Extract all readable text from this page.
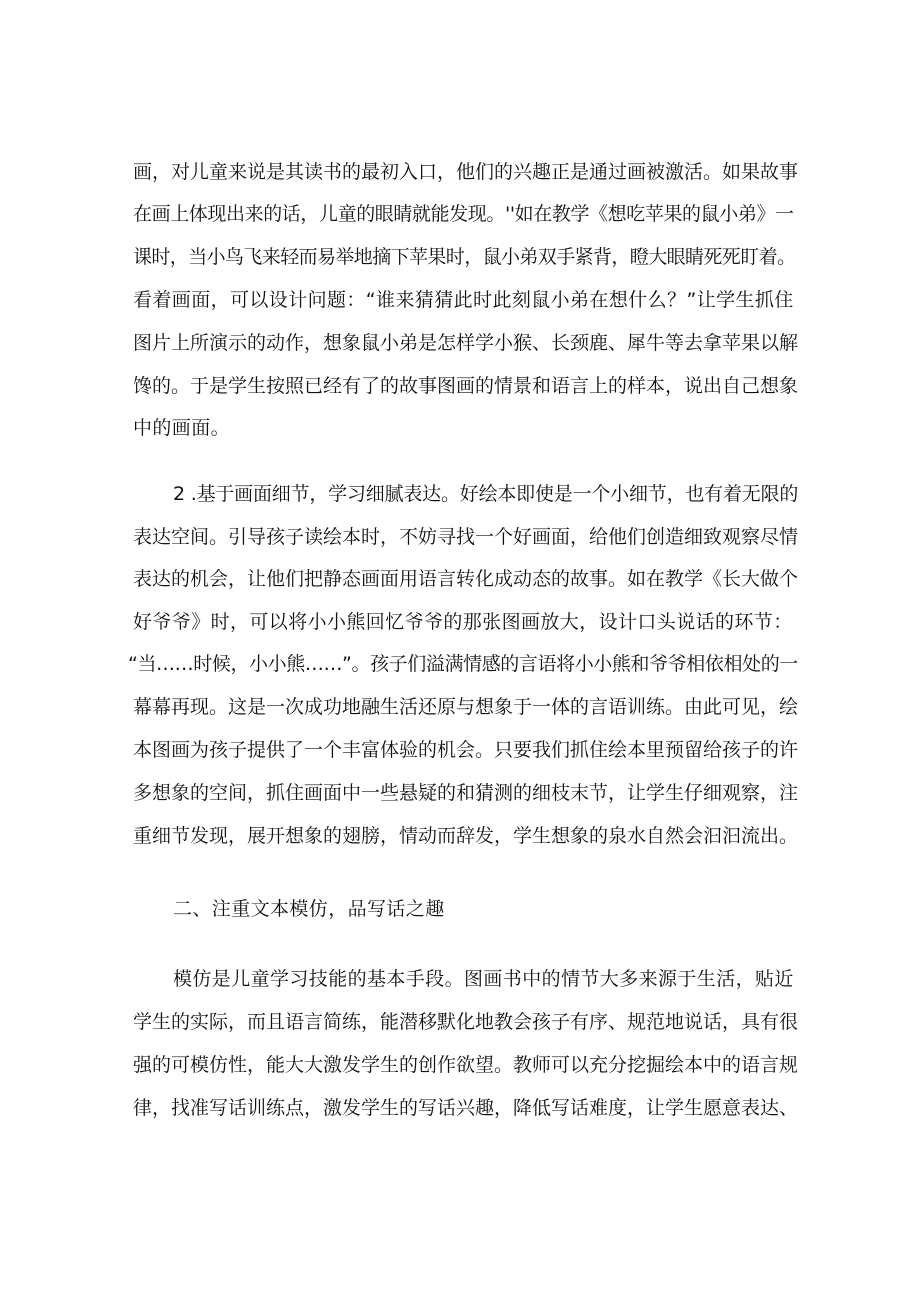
画，对儿童来说是其读书的最初入口，他们的兴趣正是通过画被激活。如果故事
在画上体现出来的话，儿童的眼睛就能发现。''如在教学《想吃苹果的鼠小弟》一
课时，当小鸟飞来轻而易举地摘下苹果时，鼠小弟双手紧背，瞪大眼睛死死盯着。
看着画面，可以设计问题：“谁来猜猜此时此刻鼠小弟在想什么？”让学生抓住
图片上所演示的动作，想象鼠小弟是怎样学小猴、长颈鹿、犀牛等去拿苹果以解
馋的。于是学生按照已经有了的故事图画的情景和语言上的样本，说出自己想象
中的画面。
2 .基于画面细节，学习细腻表达。好绘本即使是一个小细节，也有着无限的
表达空间。引导孩子读绘本时，不妨寻找一个好画面，给他们创造细致观察尽情
表达的机会，让他们把静态画面用语言转化成动态的故事。如在教学《长大做个
好爷爷》时，可以将小小熊回忆爷爷的那张图画放大，设计口头说话的环节：
“当……时候，小小熊……”。孩子们溢满情感的言语将小小熊和爷爷相依相处的一
幕幕再现。这是一次成功地融生活还原与想象于一体的言语训练。由此可见，绘
本图画为孩子提供了一个丰富体验的机会。只要我们抓住绘本里预留给孩子的许
多想象的空间，抓住画面中一些悬疑的和猜测的细枝末节，让学生仔细观察，注
重细节发现，展开想象的翅膀，情动而辞发，学生想象的泉水自然会汩汩流出。
二、注重文本模仿，品写话之趣
模仿是儿童学习技能的基本手段。图画书中的情节大多来源于生活，贴近
学生的实际，而且语言简练，能潜移默化地教会孩子有序、规范地说话，具有很
强的可模仿性，能大大激发学生的创作欲望。教师可以充分挖掘绘本中的语言规
律，找准写话训练点，激发学生的写话兴趣，降低写话难度，让学生愿意表达、
